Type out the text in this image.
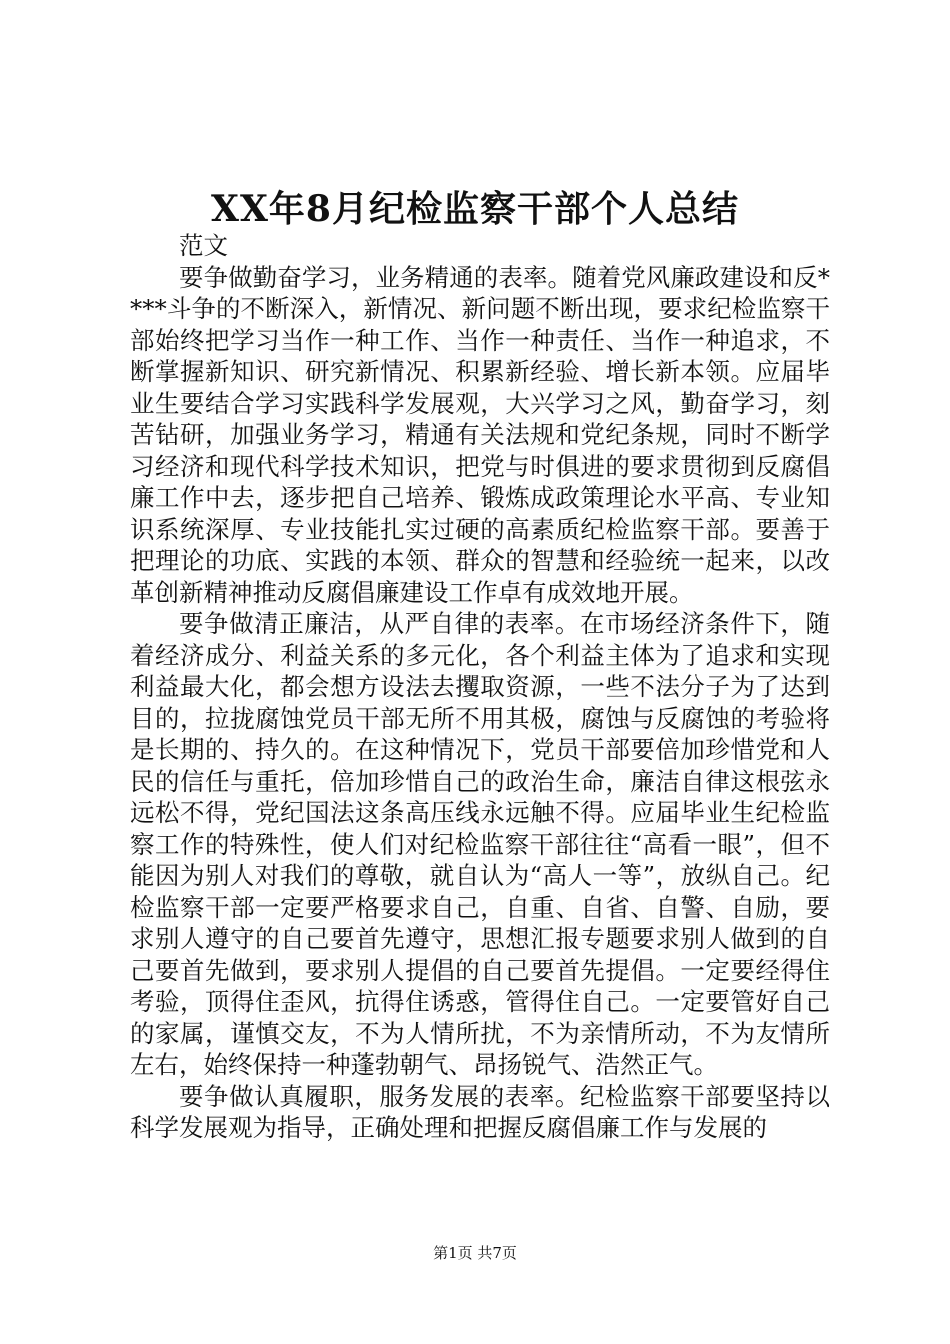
XX年8月纪检监察干部个人总结

范文

要争做勤奋学习，业务精通的表率。随着党风廉政建设和反****斗争的不断深入，新情况、新问题不断出现，要求纪检监察干部始终把学习当作一种工作、当作一种责任、当作一种追求，不断掌握新知识、研究新情况、积累新经验、增长新本领。应届毕业生要结合学习实践科学发展观，大兴学习之风，勤奋学习，刻苦钻研，加强业务学习，精通有关法规和党纪条规，同时不断学习经济和现代科学技术知识，把党与时俱进的要求贯彻到反腐倡廉工作中去，逐步把自己培养、锻炼成政策理论水平高、专业知识系统深厚、专业技能扎实过硬的高素质纪检监察干部。要善于把理论的功底、实践的本领、群众的智慧和经验统一起来，以改革创新精神推动反腐倡廉建设工作卓有成效地开展。

要争做清正廉洁，从严自律的表率。在市场经济条件下，随着经济成分、利益关系的多元化，各个利益主体为了追求和实现利益最大化，都会想方设法去攫取资源，一些不法分子为了达到目的，拉拢腐蚀党员干部无所不用其极，腐蚀与反腐蚀的考验将是长期的、持久的。在这种情况下，党员干部要倍加珍惜党和人民的信任与重托，倍加珍惜自己的政治生命，廉洁自律这根弦永远松不得，党纪国法这条高压线永远触不得。应届毕业生纪检监察工作的特殊性，使人们对纪检监察干部往往“高看一眼”，但不能因为别人对我们的尊敬，就自认为“高人一等”，放纵自己。纪检监察干部一定要严格要求自己，自重、自省、自警、自励，要求别人遵守的自己要首先遵守，思想汇报专题要求别人做到的自己要首先做到，要求别人提倡的自己要首先提倡。一定要经得住考验，顶得住歪风，抗得住诱惑，管得住自己。一定要管好自己的家属，谨慎交友，不为人情所扰，不为亲情所动，不为友情所左右，始终保持一种蓬勃朝气、昂扬锐气、浩然正气。

要争做认真履职，服务发展的表率。纪检监察干部要坚持以科学发展观为指导，正确处理和把握反腐倡廉工作与发展的

第1页 共7页
